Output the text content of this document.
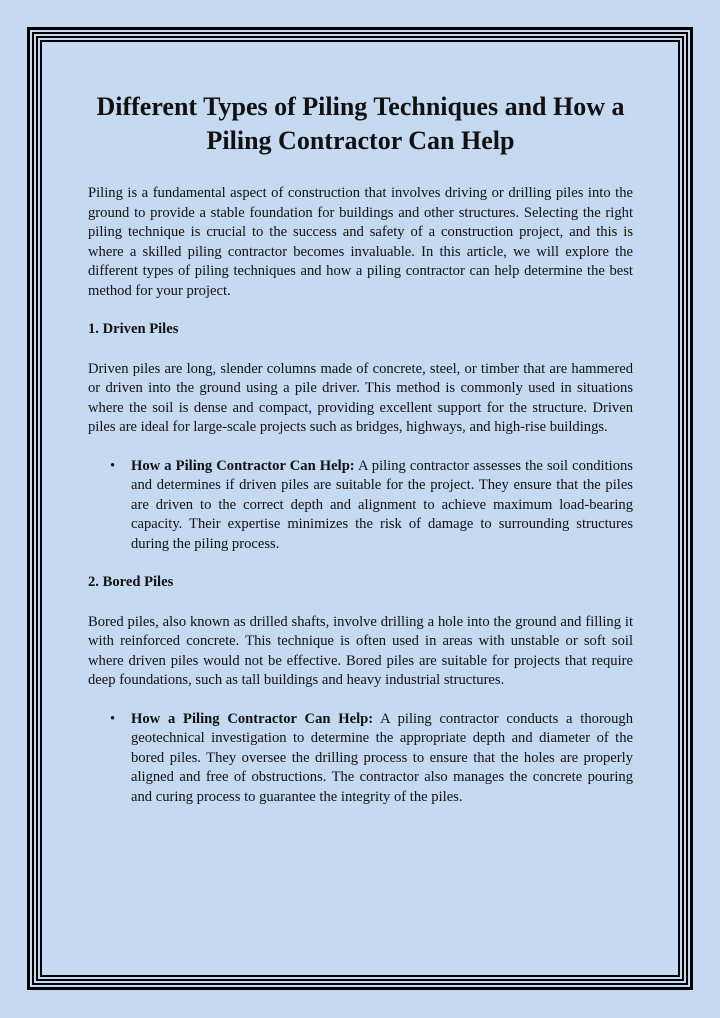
Different Types of Piling Techniques and How a Piling Contractor Can Help

Piling is a fundamental aspect of construction that involves driving or drilling piles into the ground to provide a stable foundation for buildings and other structures. Selecting the right piling technique is crucial to the success and safety of a construction project, and this is where a skilled piling contractor becomes invaluable. In this article, we will explore the different types of piling techniques and how a piling contractor can help determine the best method for your project.

1. Driven Piles

Driven piles are long, slender columns made of concrete, steel, or timber that are hammered or driven into the ground using a pile driver. This method is commonly used in situations where the soil is dense and compact, providing excellent support for the structure. Driven piles are ideal for large-scale projects such as bridges, highways, and high-rise buildings.

• How a Piling Contractor Can Help: A piling contractor assesses the soil conditions and determines if driven piles are suitable for the project. They ensure that the piles are driven to the correct depth and alignment to achieve maximum load-bearing capacity. Their expertise minimizes the risk of damage to surrounding structures during the piling process.
2. Bored Piles

Bored piles, also known as drilled shafts, involve drilling a hole into the ground and filling it with reinforced concrete. This technique is often used in areas with unstable or soft soil where driven piles would not be effective. Bored piles are suitable for projects that require deep foundations, such as tall buildings and heavy industrial structures.

• How a Piling Contractor Can Help: A piling contractor conducts a thorough geotechnical investigation to determine the appropriate depth and diameter of the bored piles. They oversee the drilling process to ensure that the holes are properly aligned and free of obstructions. The contractor also manages the concrete pouring and curing process to guarantee the integrity of the piles.
